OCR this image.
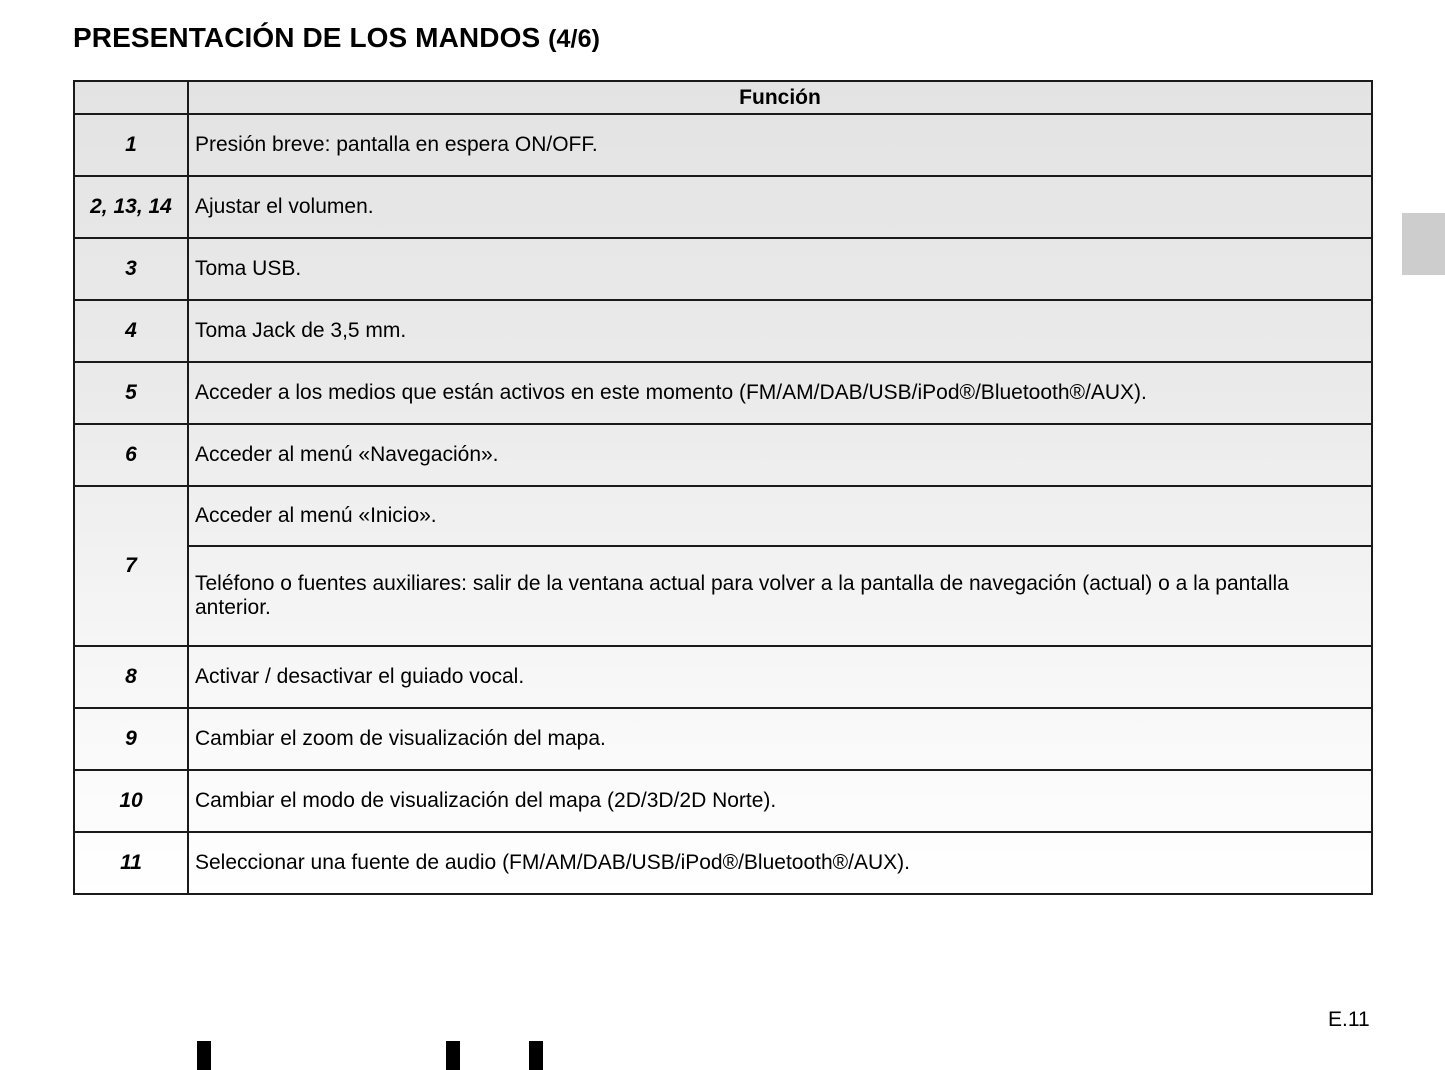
PRESENTACIÓN DE LOS MANDOS (4/6)
	Función
1	Presión breve: pantalla en espera ON/OFF.
2, 13, 14	Ajustar el volumen.
3	Toma USB.
4	Toma Jack de 3,5 mm.
5	Acceder a los medios que están activos en este momento (FM/AM/DAB/USB/iPod®/Bluetooth®/AUX).
6	Acceder al menú «Navegación».
7	Acceder al menú «Inicio».
	Teléfono o fuentes auxiliares: salir de la ventana actual para volver a la pantalla de navegación (actual) o a la pantalla anterior.
8	Activar / desactivar el guiado vocal.
9	Cambiar el zoom de visualización del mapa.
10	Cambiar el modo de visualización del mapa (2D/3D/2D Norte).
11	Seleccionar una fuente de audio (FM/AM/DAB/USB/iPod®/Bluetooth®/AUX).
E.11
